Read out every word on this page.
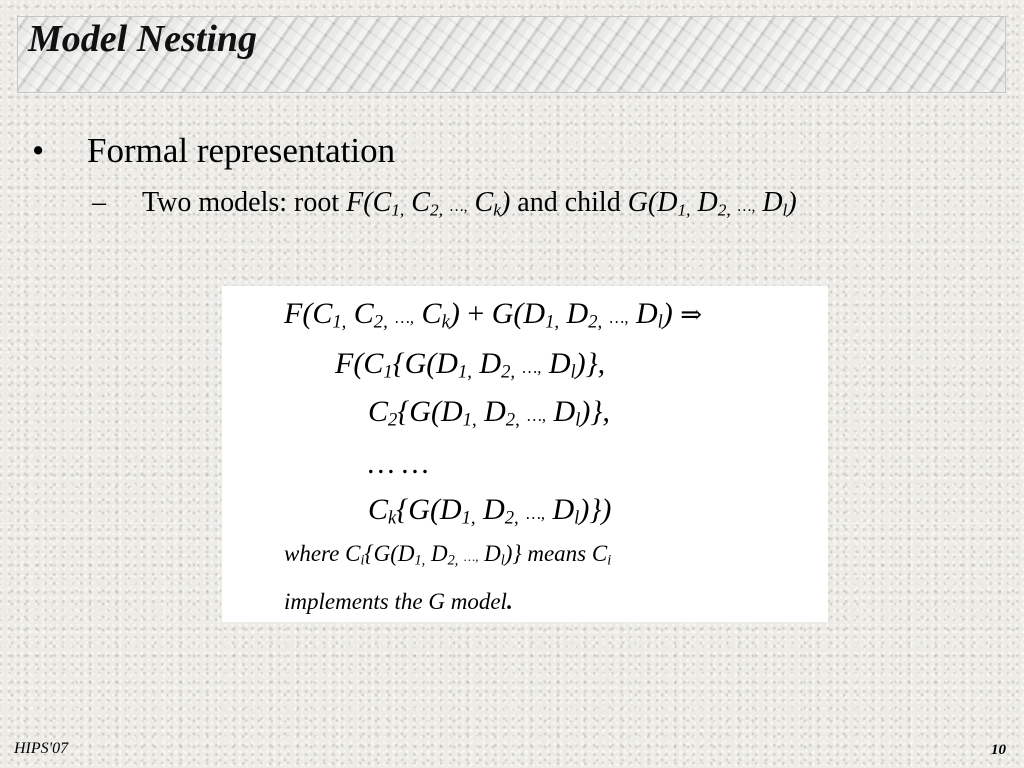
Model Nesting
• Formal representation
– Two models: root $F(C_{1,}$ $C_{2,}$ …, $C_k$) and child $G(D_{1,}$ $D_{2,}$ …, $D_l$)
$F(C_{1,}$ $C_{2,}$ …, $C_k) + G(D_{1,}$ $D_{2,}$ …, $D_l$) ⇒
$F(C_1\{G(D_{1,}$ $D_{2,}$ …, $D_l$)},
$C_2\{G(D_{1,}$ $D_{2,}$ …, $D_l$)},
… …
$C_k\{G(D_{1,}$ $D_{2,}$ …, $D_l$)})
where $C_i\{G(D_{1,}$ $D_{2,}$ …, $D_l$)} means $C_i$
implements the G model.
HIPS'07	10
